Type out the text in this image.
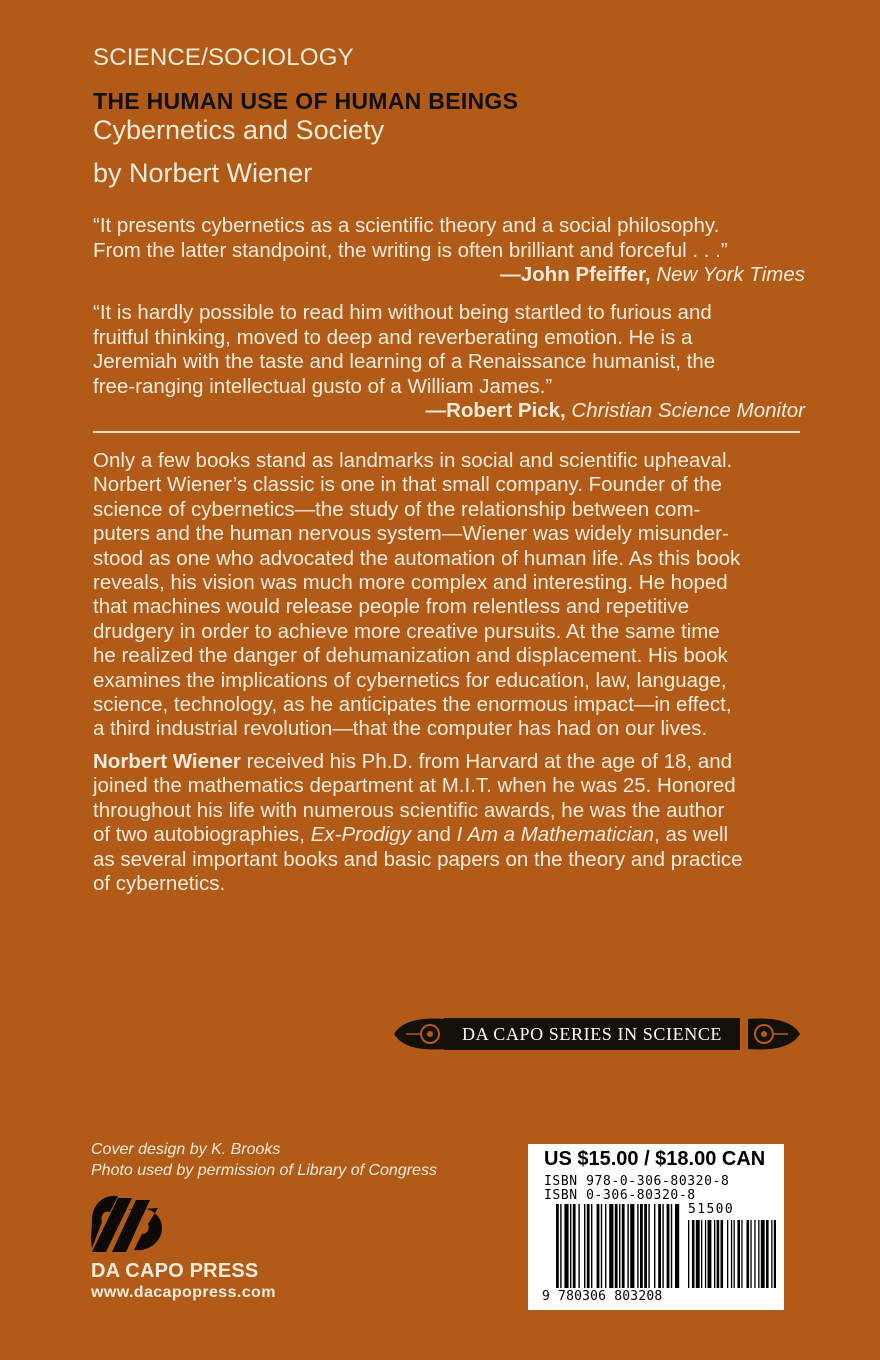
SCIENCE/SOCIOLOGY
THE HUMAN USE OF HUMAN BEINGS
Cybernetics and Society
by Norbert Wiener
“It presents cybernetics as a scientific theory and a social philosophy.
From the latter standpoint, the writing is often brilliant and forceful . . .”
—John Pfeiffer, New York Times
“It is hardly possible to read him without being startled to furious and
fruitful thinking, moved to deep and reverberating emotion. He is a
Jeremiah with the taste and learning of a Renaissance humanist, the
free-ranging intellectual gusto of a William James.”
—Robert Pick, Christian Science Monitor
Only a few books stand as landmarks in social and scientific upheaval.
Norbert Wiener’s classic is one in that small company. Founder of the
science of cybernetics—the study of the relationship between com-
puters and the human nervous system—Wiener was widely misunder-
stood as one who advocated the automation of human life. As this book
reveals, his vision was much more complex and interesting. He hoped
that machines would release people from relentless and repetitive
drudgery in order to achieve more creative pursuits. At the same time
he realized the danger of dehumanization and displacement. His book
examines the implications of cybernetics for education, law, language,
science, technology, as he anticipates the enormous impact—in effect,
a third industrial revolution—that the computer has had on our lives.
Norbert Wiener received his Ph.D. from Harvard at the age of 18, and
joined the mathematics department at M.I.T. when he was 25. Honored
throughout his life with numerous scientific awards, he was the author
of two autobiographies, Ex-Prodigy and I Am a Mathematician, as well
as several important books and basic papers on the theory and practice
of cybernetics.
DA CAPO SERIES IN SCIENCE
Cover design by K. Brooks
Photo used by permission of Library of Congress
DA CAPO PRESS
www.dacapopress.com
US $15.00 / $18.00 CAN
ISBN 978-0-306-80320-8
ISBN 0-306-80320-8
51500
9 780306 803208
